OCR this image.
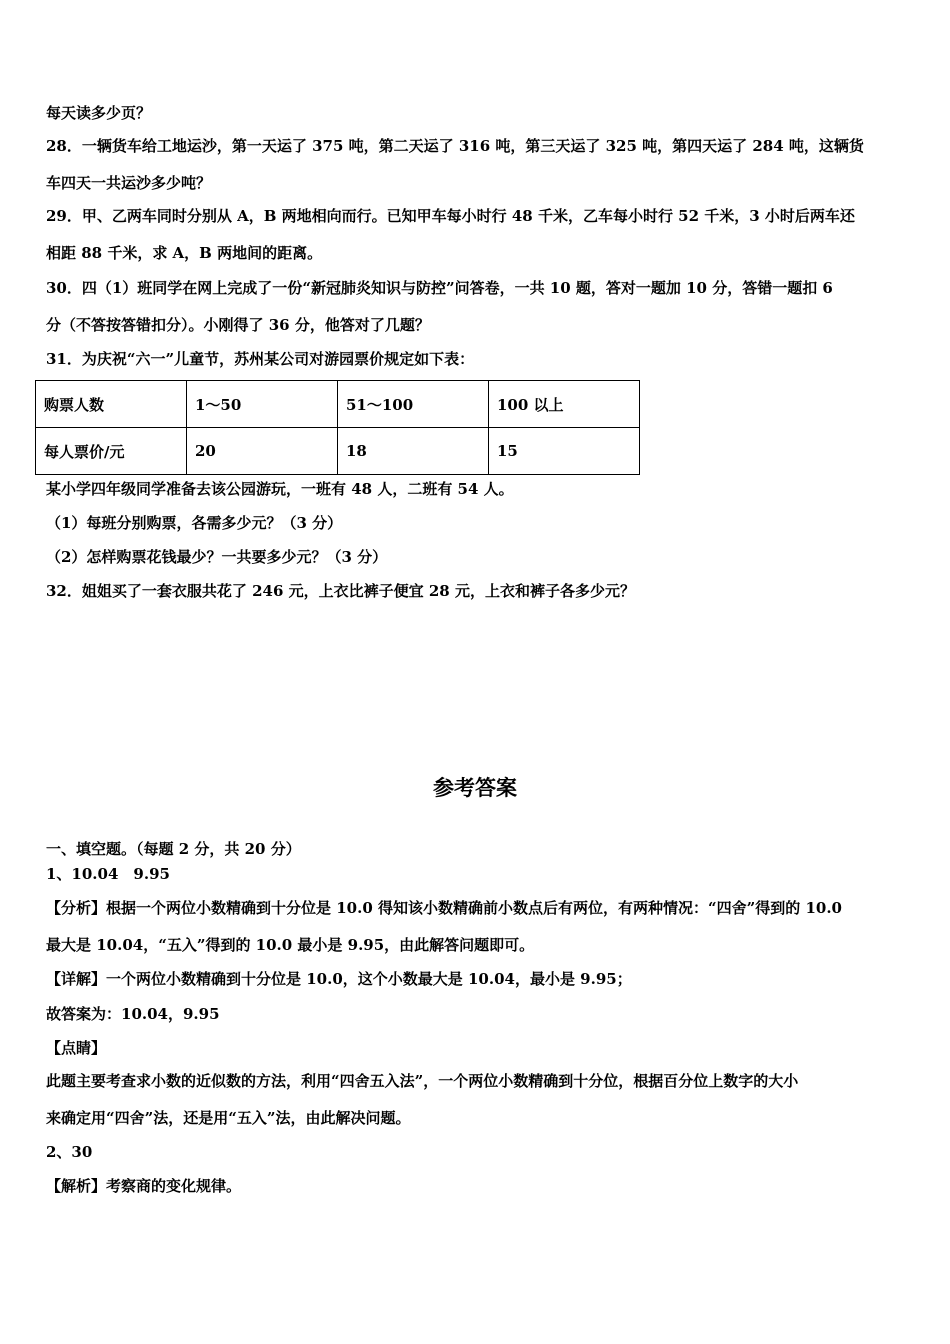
每天读多少页？
28．一辆货车给工地运沙，第一天运了 375 吨，第二天运了 316 吨，第三天运了 325 吨，第四天运了 284 吨，这辆货
车四天一共运沙多少吨？
29．甲、乙两车同时分别从 A，B 两地相向而行。已知甲车每小时行 48 千米，乙车每小时行 52 千米，3 小时后两车还
相距 88 千米，求 A，B 两地间的距离。
30．四（1）班同学在网上完成了一份“新冠肺炎知识与防控”问答卷，一共 10 题，答对一题加 10 分，答错一题扣 6
分（不答按答错扣分）。小刚得了 36 分，他答对了几题？
31．为庆祝“六一”儿童节，苏州某公司对游园票价规定如下表：
购票人数	1～50	51～100	100 以上
每人票价/元	20	18	15
某小学四年级同学准备去该公园游玩，一班有 48 人，二班有 54 人。
（1）每班分别购票，各需多少元？（3 分）
（2）怎样购票花钱最少？一共要多少元？（3 分）
32．姐姐买了一套衣服共花了 246 元，上衣比裤子便宜 28 元，上衣和裤子各多少元？
参考答案
一、填空题。（每题 2 分，共 20 分）
1、10.04　9.95
【分析】根据一个两位小数精确到十分位是 10.0 得知该小数精确前小数点后有两位，有两种情况：“四舍”得到的 10.0
最大是 10.04，“五入”得到的 10.0 最小是 9.95，由此解答问题即可。
【详解】一个两位小数精确到十分位是 10.0，这个小数最大是 10.04，最小是 9.95；
故答案为：10.04，9.95
【点睛】
此题主要考查求小数的近似数的方法，利用“四舍五入法”，一个两位小数精确到十分位，根据百分位上数字的大小
来确定用“四舍”法，还是用“五入”法，由此解决问题。
2、30
【解析】考察商的变化规律。
